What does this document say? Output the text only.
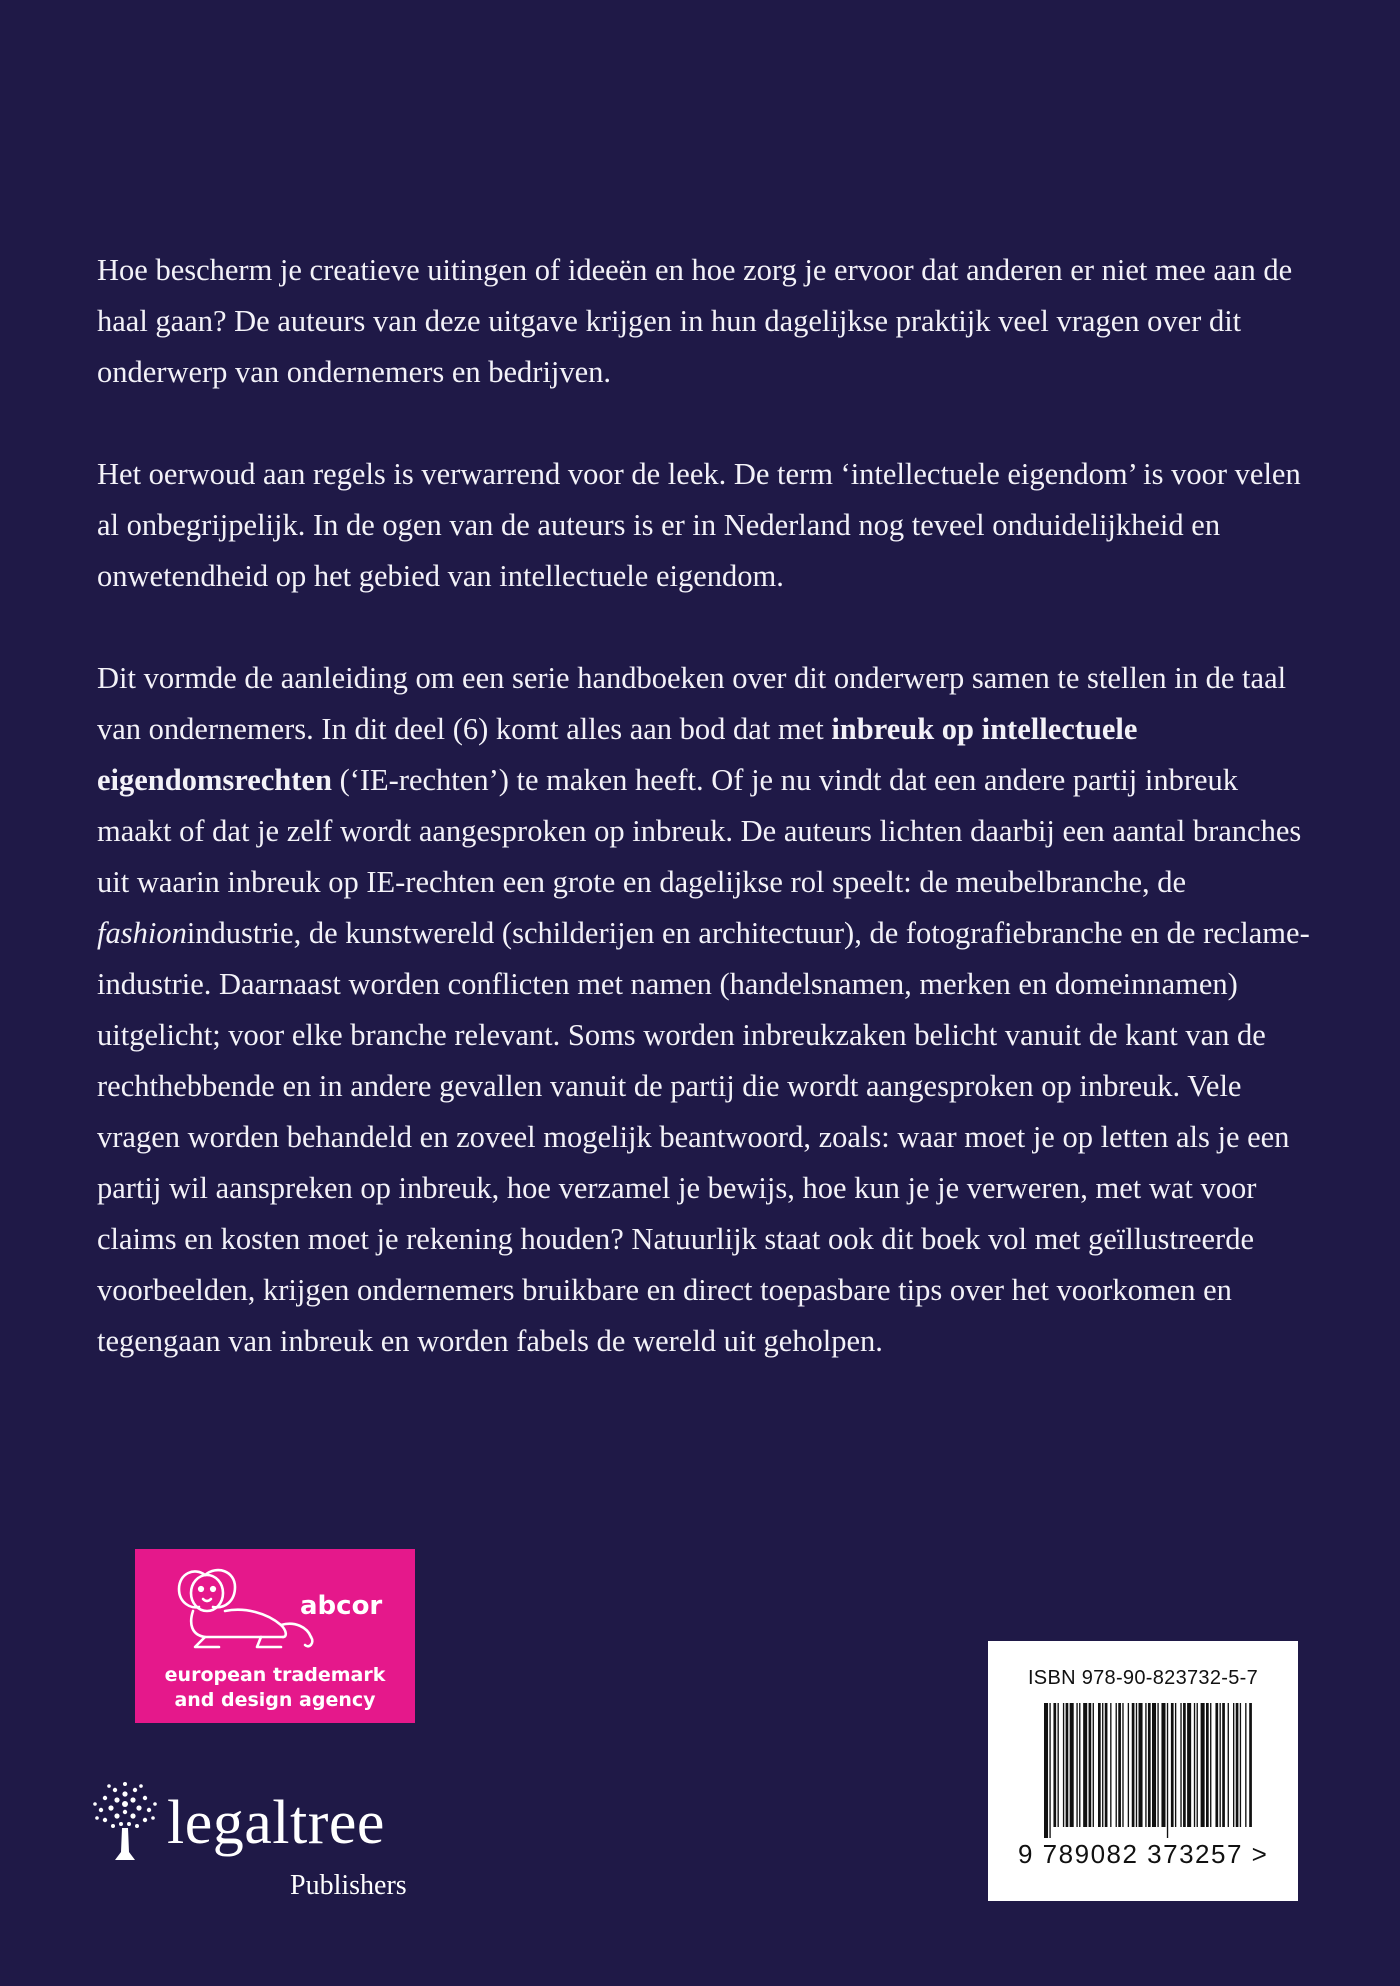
Hoe bescherm je creatieve uitingen of ideeën en hoe zorg je ervoor dat anderen er niet mee aan de haal gaan? De auteurs van deze uitgave krijgen in hun dagelijkse praktijk veel vragen over dit onderwerp van ondernemers en bedrijven.

Het oerwoud aan regels is verwarrend voor de leek. De term ‘intellectuele eigendom’ is voor velen al onbegrijpelijk. In de ogen van de auteurs is er in Nederland nog teveel onduidelijkheid en onwetendheid op het gebied van intellectuele eigendom.

Dit vormde de aanleiding om een serie handboeken over dit onderwerp samen te stellen in de taal van ondernemers. In dit deel (6) komt alles aan bod dat met inbreuk op intellectuele eigendomsrechten (‘IE-rechten’) te maken heeft. Of je nu vindt dat een andere partij inbreuk maakt of dat je zelf wordt aangesproken op inbreuk. De auteurs lichten daarbij een aantal branches uit waarin inbreuk op IE-rechten een grote en dagelijkse rol speelt: de meubelbranche, de fashionindustrie, de kunstwereld (schilderijen en architectuur), de fotografiebranche en de reclame-industrie. Daarnaast worden conflicten met namen (handelsnamen, merken en domeinnamen) uitgelicht; voor elke branche relevant. Soms worden inbreukzaken belicht vanuit de kant van de rechthebbende en in andere gevallen vanuit de partij die wordt aangesproken op inbreuk. Vele vragen worden behandeld en zoveel mogelijk beantwoord, zoals: waar moet je op letten als je een partij wil aanspreken op inbreuk, hoe verzamel je bewijs, hoe kun je je verweren, met wat voor claims en kosten moet je rekening houden? Natuurlijk staat ook dit boek vol met geïllustreerde voorbeelden, krijgen ondernemers bruikbare en direct toepasbare tips over het voorkomen en tegengaan van inbreuk en worden fabels de wereld uit geholpen.

abcor
european trademark
and design agency
legaltree
Publishers
ISBN 978-90-823732-5-7
9 789082 373257 >
